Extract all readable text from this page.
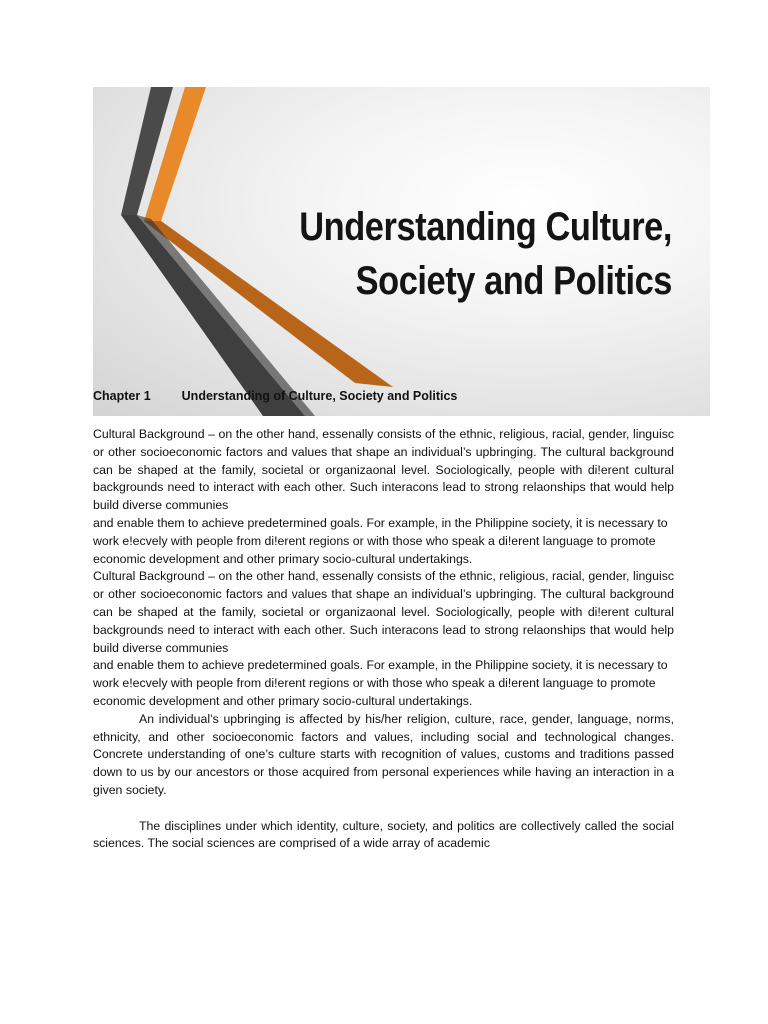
Understanding Culture,
Society and Politics
Chapter 1 Understanding of Culture, Society and Politics

Cultural Background – on the other hand, essenally consists of the ethnic, religious, racial, gender, linguisc or other socioeconomic factors and values that shape an individual’s upbringing. The cultural background can be shaped at the family, societal or organizaonal level. Sociologically, people with di!erent cultural backgrounds need to interact with each other. Such interacons lead to strong relaonships that would help build diverse communies

and enable them to achieve predetermined goals. For example, in the Philippine society, it is necessary to work e!ecvely with people from di!erent regions or with those who speak a di!erent language to promote economic development and other primary socio-cultural undertakings.

Cultural Background – on the other hand, essenally consists of the ethnic, religious, racial, gender, linguisc or other socioeconomic factors and values that shape an individual’s upbringing. The cultural background can be shaped at the family, societal or organizaonal level. Sociologically, people with di!erent cultural backgrounds need to interact with each other. Such interacons lead to strong relaonships that would help build diverse communies

and enable them to achieve predetermined goals. For example, in the Philippine society, it is necessary to work e!ecvely with people from di!erent regions or with those who speak a di!erent language to promote economic development and other primary socio-cultural undertakings.

An individual’s upbringing is affected by his/her religion, culture, race, gender, language, norms, ethnicity, and other socioeconomic factors and values, including social and technological changes. Concrete understanding of one’s culture starts with recognition of values, customs and traditions passed down to us by our ancestors or those acquired from personal experiences while having an interaction in a given society.

The disciplines under which identity, culture, society, and politics are collectively called the social sciences. The social sciences are comprised of a wide array of academic
